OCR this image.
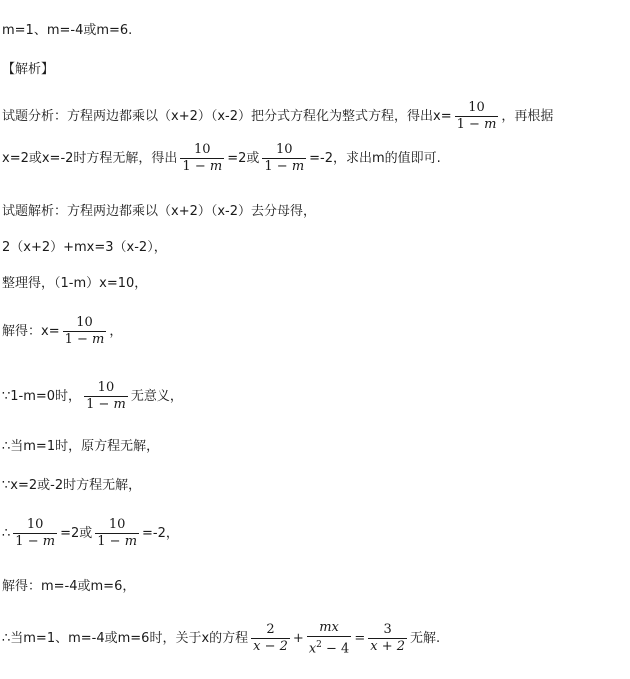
m=1、m=-4或m=6.
【解析】
试题分析：方程两边都乘以（x+2）（x-2）把分式方程化为整式方程，得出$x= \frac{10}{1 - m}$ ，再根据
x=2或x=-2时方程无解，得出 $\frac{10}{1 - m} =2$或 $\frac{10}{1 - m} =-2$，求出m的值即可.
试题解析：方程两边都乘以（x+2）（x-2）去分母得，
2（x+2）+mx=3（x-2），
整理得，（1-m）x=10，
解得：$x= \frac{10}{1 - m}$ ，
∵1-m=0时， $\frac{10}{1 - m}$ 无意义，
∴当m=1时，原方程无解，
∵x=2或-2时方程无解，
∴ $\frac{10}{1 - m} =2$或 $\frac{10}{1 - m} =-2$，
解得：m=-4或m=6，
∴当m=1、m=-4或m=6时，关于x的方程 $\frac{2}{x - 2} + \frac{mx}{x^2 - 4} = \frac{3}{x + 2}$ 无解.
